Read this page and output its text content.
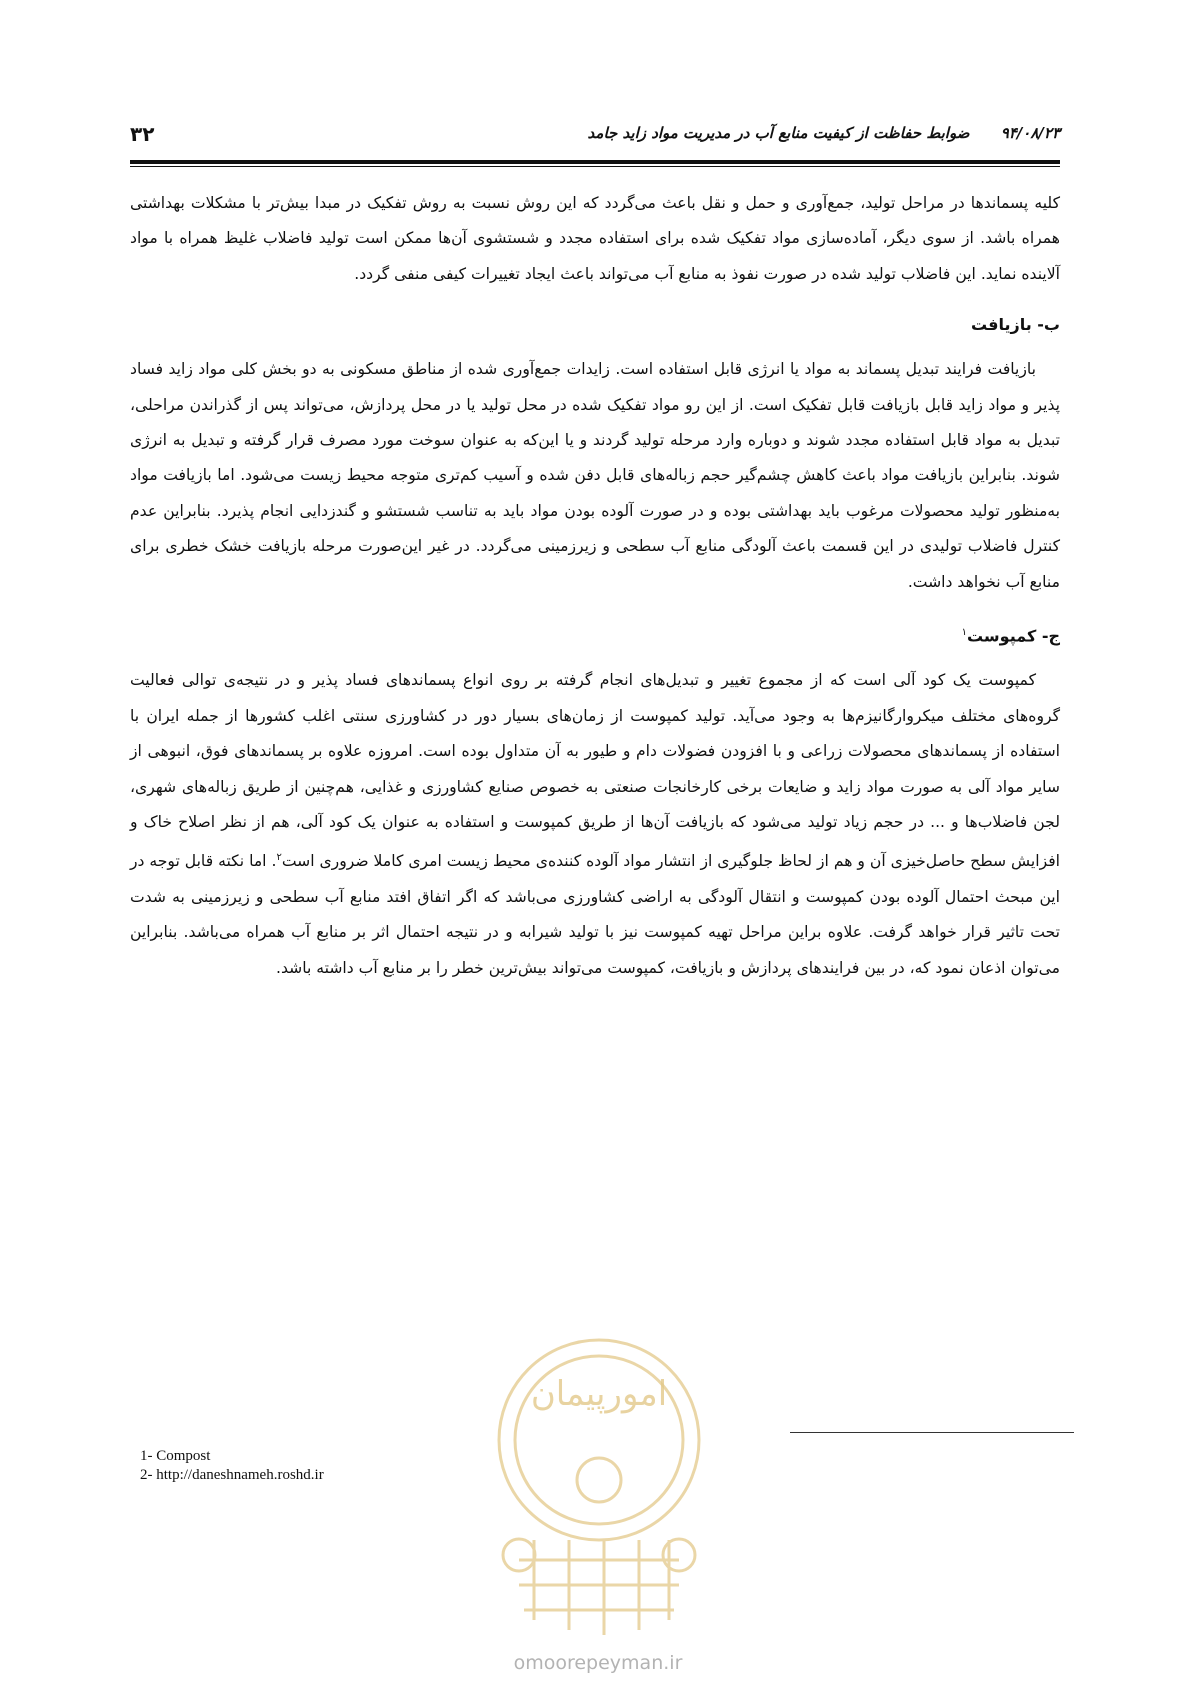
۳۲	۹۴/۰۸/۲۳ ضوابط حفاظت از کیفیت منابع آب در مدیریت مواد زاید جامد

کلیه پسماندها در مراحل تولید، جمع‌آوری و حمل و نقل باعث می‌گردد که این روش نسبت به روش تفکیک در مبدا بیش‌تر با مشکلات بهداشتی همراه باشد. از سوی دیگر، آماده‌سازی مواد تفکیک شده برای استفاده مجدد و شستشوی آن‌ها ممکن است تولید فاضلاب غلیظ همراه با مواد آلاینده نماید. این فاضلاب تولید شده در صورت نفوذ به منابع آب می‌تواند باعث ایجاد تغییرات کیفی منفی گردد.

ب- بازیافت

بازیافت فرایند تبدیل پسماند به مواد یا انرژی قابل استفاده است. زایدات جمع‌آوری شده از مناطق مسکونی به دو بخش کلی مواد زاید فساد پذیر و مواد زاید قابل بازیافت قابل تفکیک است. از این رو مواد تفکیک شده در محل تولید یا در محل پردازش، می‌تواند پس از گذراندن مراحلی، تبدیل به مواد قابل استفاده مجدد شوند و دوباره وارد مرحله تولید گردند و یا این‌که به عنوان سوخت مورد مصرف قرار گرفته و تبدیل به انرژی شوند. بنابراین بازیافت مواد باعث کاهش چشم‌گیر حجم زباله‌های قابل دفن شده و آسیب کم‌تری متوجه محیط زیست می‌شود. اما بازیافت مواد به‌منظور تولید محصولات مرغوب باید بهداشتی بوده و در صورت آلوده بودن مواد باید به تناسب شستشو و گندزدایی انجام پذیرد. بنابراین عدم کنترل فاضلاب تولیدی در این قسمت باعث آلودگی منابع آب سطحی و زیرزمینی می‌گردد. در غیر این‌صورت مرحله بازیافت خشک خطری برای منابع آب نخواهد داشت.

ج- کمپوست$^۱$

کمپوست یک کود آلی است که از مجموع تغییر و تبدیل‌های انجام گرفته بر روی انواع پسماندهای فساد پذیر و در نتیجه‌ی توالی فعالیت گروه‌های مختلف میکروارگانیزم‌ها به وجود می‌آید. تولید کمپوست از زمان‌های بسیار دور در کشاورزی سنتی اغلب کشورها از جمله ایران با استفاده از پسماندهای محصولات زراعی و با افزودن فضولات دام و طیور به آن متداول بوده است. امروزه علاوه بر پسماندهای فوق، انبوهی از سایر مواد آلی به صورت مواد زاید و ضایعات برخی کارخانجات صنعتی به خصوص صنایع کشاورزی و غذایی، هم‌چنین از طریق زباله‌های شهری، لجن فاضلاب‌ها و ... در حجم زیاد تولید می‌شود که بازیافت آن‌ها از طریق کمپوست و استفاده به عنوان یک کود آلی، هم از نظر اصلاح خاک و افزایش سطح حاصل‌خیزی آن و هم از لحاظ جلوگیری از انتشار مواد آلوده کننده‌ی محیط زیست امری کاملا ضروری است$^۲$. اما نکته قابل توجه در این مبحث احتمال آلوده بودن کمپوست و انتقال آلودگی به اراضی کشاورزی می‌باشد که اگر اتفاق افتد منابع آب سطحی و زیرزمینی به شدت تحت تاثیر قرار خواهد گرفت. علاوه براین مراحل تهیه کمپوست نیز با تولید شیرابه و در نتیجه احتمال اثر بر منابع آب همراه می‌باشد. بنابراین می‌توان اذعان نمود که، در بین فرایندهای پردازش و بازیافت، کمپوست می‌تواند بیش‌ترین خطر را بر منابع آب داشته باشد.

1- Compost
2- http://daneshnameh.roshd.ir
امورپیمان
omoorepeyman.ir
